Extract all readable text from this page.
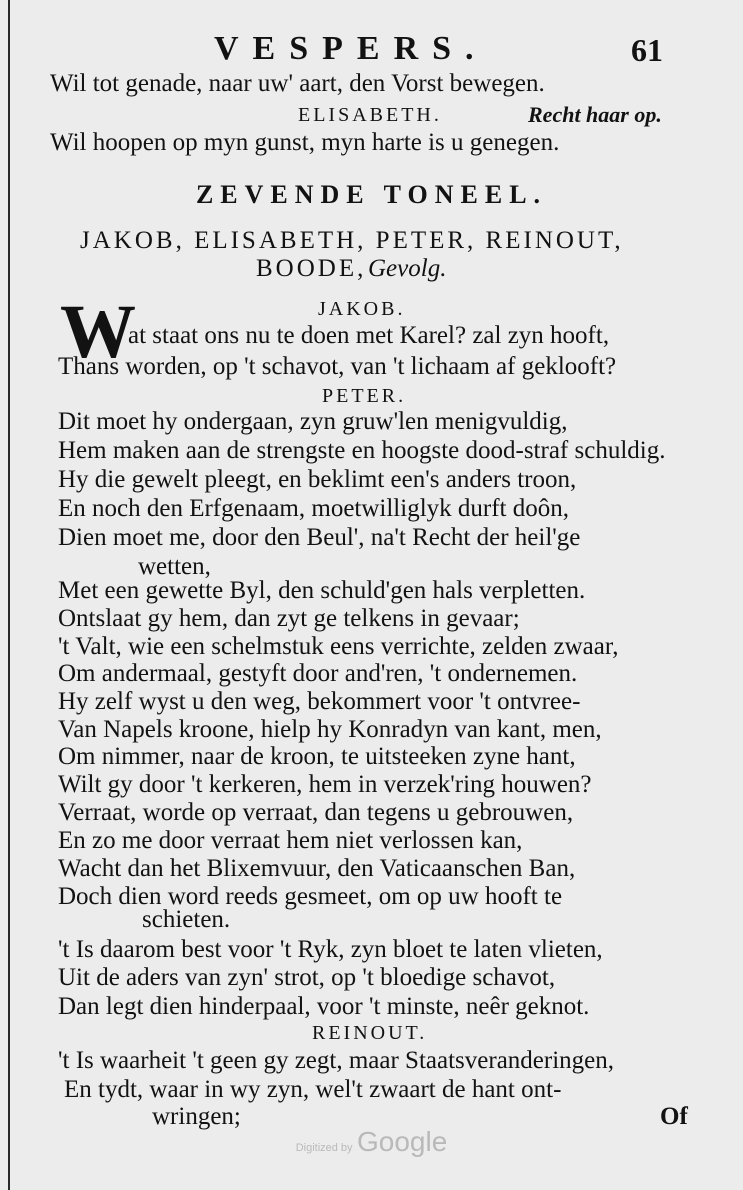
VESPERS.	61
Wil tot genade, naar uw' aart, den Vorst bewegen.
ELISABETH.	Recht haar op.
Wil hoopen op myn gunst, myn harte is u genegen.
ZEVENDE TONEEL.
JAKOB, ELISABETH, PETER, REINOUT,
BOODE, Gevolg.
JAKOB.
W
at staat ons nu te doen met Karel? zal zyn hooft,
Thans worden, op 't schavot, van 't lichaam af geklooft?
PETER.
Dit moet hy ondergaan, zyn gruw'len menigvuldig,
Hem maken aan de strengste en hoogste dood-straf schuldig.
Hy die gewelt pleegt, en beklimt een's anders troon,
En noch den Erfgenaam, moetwilliglyk durft doôn,
Dien moet me, door den Beul', na't Recht der heil'ge
wetten,
Met een gewette Byl, den schuld'gen hals verpletten.
Ontslaat gy hem, dan zyt ge telkens in gevaar;
't Valt, wie een schelmstuk eens verrichte, zelden zwaar,
Om andermaal, gestyft door and'ren, 't ondernemen.
Hy zelf wyst u den weg, bekommert voor 't ontvree-
Van Napels kroone, hielp hy Konradyn van kant, men,
Om nimmer, naar de kroon, te uitsteeken zyne hant,
Wilt gy door 't kerkeren, hem in verzek'ring houwen?
Verraat, worde op verraat, dan tegens u gebrouwen,
En zo me door verraat hem niet verlossen kan,
Wacht dan het Blixemvuur, den Vaticaanschen Ban,
Doch dien word reeds gesmeet, om op uw hooft te
schieten.
't Is daarom best voor 't Ryk, zyn bloet te laten vlieten,
Uit de aders van zyn' strot, op 't bloedige schavot,
Dan legt dien hinderpaal, voor 't minste, neêr geknot.
REINOUT.
't Is waarheit 't geen gy zegt, maar Staatsveranderingen,
En tydt, waar in wy zyn, wel't zwaart de hant ont-
wringen;	Of
Digitized by Google
